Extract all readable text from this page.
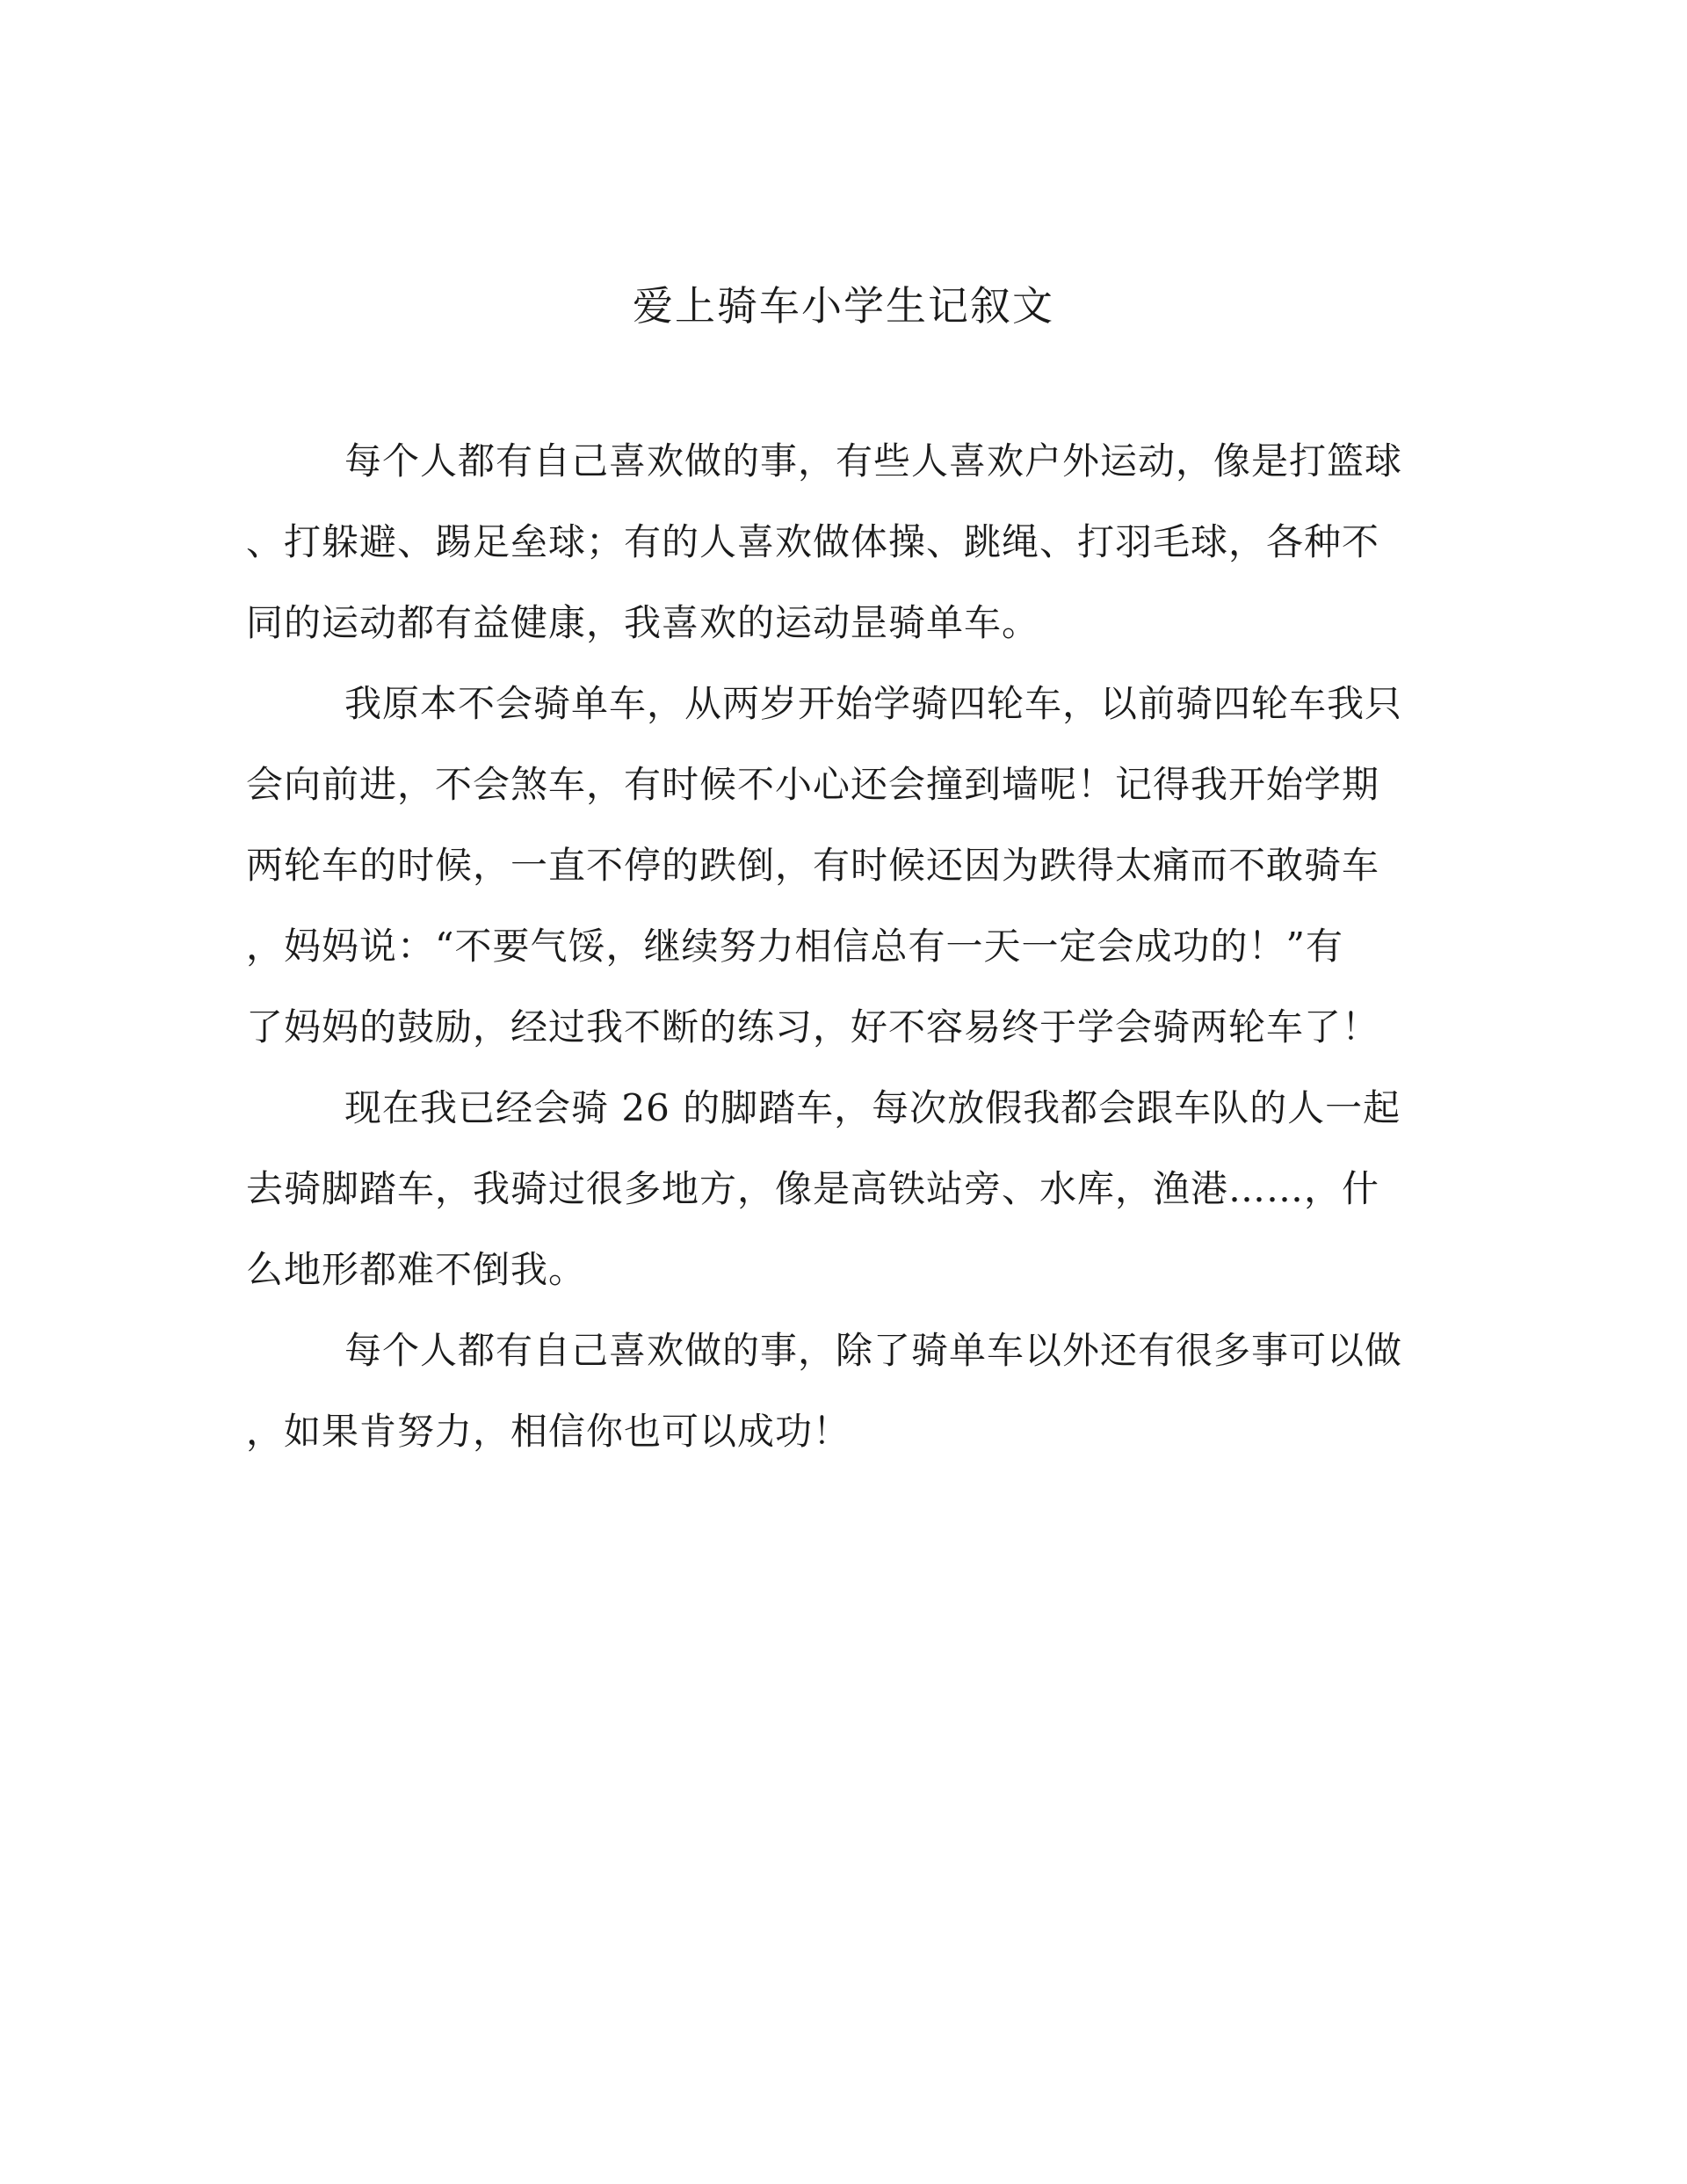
爱上骑车小学生记叙文
每个人都有自己喜欢做的事，有些人喜欢户外运动，像是打篮球
、打躲避、踢足垒球；有的人喜欢做体操、跳绳、打羽毛球，各种不
同的运动都有益健康，我喜欢的运动昰骑单车。
我原本不会骑单车，从两岁开始学骑四轮车，以前骑四轮车我只
会向前进，不会煞车，有时候不小心还会撞到墙呢！记得我开始学期
两轮车的时候，一直不停的跌倒，有时候还因为跌得太痛而不敢骑车
，妈妈说：“不要气馁，继续努力相信总有一天一定会成功的！”有
了妈妈的鼓励，经过我不断的练习，好不容易终于学会骑两轮车了！
现在我已经会骑 26 的脚踏车，每次放假我都会跟车队的人一起
去骑脚踏车，我骑过很多地方，像是高铁站旁、水库，渔港……，什
么地形都难不倒我。
每个人都有自己喜欢做的事，除了骑单车以外还有很多事可以做
，如果肯努力，相信你也可以成功！
